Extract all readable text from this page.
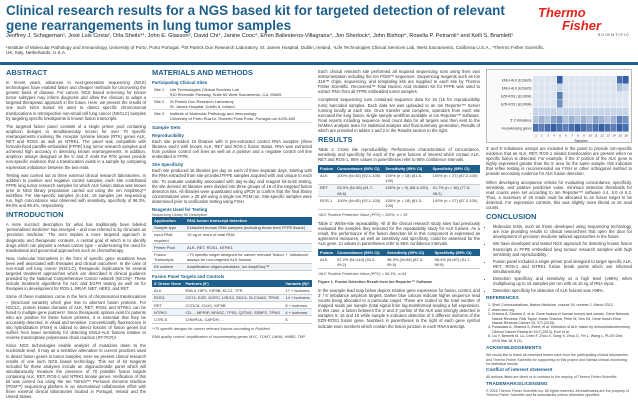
Clinical research results for a NGS based kit for targeted detection of relevant gene rearrangements in lung tumor samples
Jeoffrey J. Schageman¹, José Luis Costa², Orla Sheils³⁴, John E. Glasson⁵, David Chi⁴, Janine Cooc⁴, Efren Ballesteros-Villagrana⁴, Jon Sherlock⁴, John Bishop⁴, Rosella P. Petraroli⁴ and Kelli S. Bramlett¹
¹Institute of Molecular Pathology and Immunology, University of Porto, Porto Portugal, ²³St Patrick Dun Research Laboratory, St. James Hospital, Dublin, Ireland, ⁴Life Technologies Clinical Services Lab, West Sacramento, California U.S.A., ¹Thermo Fisher Scientific, UK, Italy, Netherlands, U.S.A.
Thermo
Fisher
SCIENTIFIC
ABSTRACT

In recent years, advances in next-generation sequencing (NGS) technologies have enabled faster and cheaper methods for uncovering the genetic basis of disease. For cancer, NGS based screening for known tumor subtypes may inform diagnosis and allow the clinician to adapt a targeted therapeutic approach in the future. Here, we present the results of one such NGS based kit used to detect specific chromosomal translocations in retrospective non-small cell lung cancer (NSCLC) samples by targeting specific breakpoints in known fusion transcripts.

The targeted fusion panel consists of a single primer pool containing amplicon designs to simultaneously screen for over 70 specific rearrangements involving the receptor tyrosine kinase (RTK) genes ALK, RET and ROS1 as well as NTRK1. The panel was compatible with formalin-fixed paraffin-embedded (FFPE) lung tumor research samples and achieved high accuracy in detecting known rearrangements. In addition, amplicon assays designed at the 5' and 3' ends the RTK genes provide non-specific evidence that a translocation exists in a sample by comparing expression imbalance between the two ends.

Testing was carried out at three external clinical research laboratories. In addition to positive and negative control samples, each site contributed FFPE lung tumor research samples for which ALK fusion status was known prior to NGS library preparation carried out using the Ion AmpliSeq™ workflow. For site-specific samples (n=144, 16 samples per sequencing run, high concordance was observed with sensitivity, specificity of 96.3%, 99.0% and 98.4%, respectively.

INTRODUCTION

A more succinct description for what has traditionally been labeled 'personalized medicine' has emerged – and now referred to by clinicians as 'precision medicine.' The term implies a more targeted approach in diagnostic and therapeutic contexts. A central goal of which is to identify drugs which can pinpoint a certain cancer type – underscoring the need for translational and genomical approaches such as chemotherapy.

Now, molecular biomarkers in the form of specific gene mutations have been well associated with therapies and clinical outcomes¹. In the case of non-small cell lung cancer (NSCLC), therapeutic implications for several targeted treatment approaches which are described in clinical guidance provided by the National Comprehensive Cancer network (NCCN)². These include treatment algorithms for ALK and EGFR testing as well as for therapies in development for ROS-1, BRAF, MET, HER2, and RET.

Some of these mutations come in the form of chromosomal translocations – (structural variants) which give rise to aberrant fusion proteins. For NSCLC, protein kinase domains of ALK, RET, ROS1 and NTRK1 can be fused to multiple gene partners³. Since therapeutic options exist for patients who are positive for these fusion proteins, it is essential that they be accurately detected, in visual and sensitive. Conventionally fluorescence in situ hybridization (FISH) is utilized to detect fusions of fusion genes but suffers from lower sensitivity for detecting EML4-ALK fusions relative to reverse transcriptase polymerase chain reaction (RT-PCR)⁴.

Since NGS technologies enable analysis of mutations down to the nucleotide level, it may as a sensitive alternative to current practices used to detect fusion genes in tumor samples. Here we present clinical research results of one such NGS based technology. This set of kit reagents included for these analyses include an oligonucleotide panel which will simultaneously measure the presence of 70 possible fusion targets containing ALK, RET, ROS-1 and NTRK1 kinase genes. Verification of this kit was carried out using the Ion Torrent™ Personal Genome Machine (PGM™) sequencing platform in an international collaborative effort with three external clinical laboratories located in Portugal, Ireland and the United States.

MATERIALS AND METHODS
Participating Clinical Sites
Site 1	Life Technologies Clinical Services Lab
910 Riverside Parkway, Suite 60 West Sacramento, CA, 95605
Site 2	St Patrick Dun Research Laboratory
St. James Hospital, Dublin 8, Ireland
Site 3	Institute of Molecular Pathology and Immunology
University of Porto Rua Dr. Roberto Frias Porto, Portugal um 4200-465
Sample Sets
Reproducibility

Each site provided 15 libraries with 5 pre-extracted control RNA samples (three libraries each) with known ALK, RET and ROS-1 fusion status. RNA was extracted from positive control cell lines as well as a positive and a negative control cell line embedded in FFPE.

Site Specificity

Each site produced 16 libraries per day on each of three separate days, starting with the RNA extracted from site-provided FFPE samples acquired with and unique to each site. To evaluate variability associated with day-to-day and reagent kit-to-kit testing, the site derived 48 libraries were divided into three groups of 16 of the targeted fusion detection kits. All libraries were quantitated using qPCR to confirm that the final library concentrations were ≥ 20 pM using a single Ion PGM run. Site-specific samples were determined prior to verification testing using FISH.

Reagents Used for Testing
Sequencing Library Kit Description
Application	RNA fusion transcript detection
Sample type	Extracted human RNA samples (including those from FFPE tissue)
Input RNA required	10 ng or more of total RNA
Primer Pool	ALK, RET, ROS1, NTRK1
Fusion Transcripts	>70 specific target designed for cancer relevant 'fusion' + 'imbalance' assays for non-targeted ALK fusions
Kit content	Amplification oligonucleotides, Ion AmpliSeq™
Fusion Panel Targets and Controls
3' Driver Gene	Partners (5')	Variants (N)*
ALK	EML4, HIP1, KIF5B, KLC1, TFR	17 + isoforms
ROS1	CD74, EZR, GOPC, LRIG3, SDC4, SLC34A2, TPM3	14 + isoforms
RET	CCDC6, CUX1, KIF5B	8 + isoforms
NTRK1	CD..., MPRIP, NFASC, TP53, Q2TM1, SSBP2, TPM3	4 + isoforms
CTRLS	CHMP2A, GAPDH, ...	5
**75 specific designs for cancer relevant fusions according to PubMed
RNA quality control: amplification of housekeeping genes MYC, TOMT, LMNA, HMBS, TBP

Each clinical research site performed all required sequencing runs using their own instrumentation including the Ion PGM™ sequencer. Sequencing reagents such as Ion 318™ chips, sequencing, and templating kits are supplied to each site by Thermo Fisher Scientific. Recovered™ Total Nucleic Acid Isolation Kit for FFPE was used to extract RNA from all FFPE embedded tumor samples.

Completed sequencing runs contained sequence data for 16 (15 for reproducibility runs) barcoded samples. Each data set was uploaded to an Ion Reporter™ Server running locally at each site. Once transfer was complete, operators from each site executed the lung fusion, single sample workflow available in Ion Reporter™ Software. Final reports including sequence read count data for all targets was then sent to the NAMSA analysis team for statistical analysis and final summary generation. Results of which are provided in tables 1 and 2 in the Results section to the right.

RESULTS

Table 1: Cross site reproducibility: Performance characteristics of concordance, sensitivity and specificity for each of the gene fusions of interest which contain ALK, RET and ROS-1. 95% values in parentheses refer to 95% confidence intervals.

Fusion	Concordance (95% CI)	Sensitivity (95% CI)	Specificity (95% CI)
ALK	100% (N=45) (92.1-100)	100% (n = 18) (81.5-100)	100% (n = 27) (87.2-100)
RET	93.3% (N=45) (81.7-98.6)	100% (n = 9) (66.4-100)	91.7% (n = 36) (77.5-98.2)
ROS-1	100% (N=45) (92.1-100)	100% (n = 18) (81.5-100)	100% (n = 27) (87.2-100)
*ALK Positive Predictive Value (PPV) = 100%, n = 18

Table 2: Within-site repeatability: All of the clinical research study sites had previously evaluated the samples they selected for the repeatability study for ALK fusions. As a result, the performance of the fusion detection kit in this component is expressed as agreement measures, as well as sensitivity and specificity, could be assessed for the ALK gene. CI values in parentheses refer to 95% confidence intervals.

Fusion	Concordance (95% CI)	Sensitivity (95% CI)	Specificity (95% CI)
ALK	97.2% (N=144) (93.0-99.2)	96.3% (N=54) (87.3-99.5)	98.4% (N=87) (91.7-99.9)
*ALK Positive Predictive Value (PPV) = 96.3%, n=54
Figure 1. Fusion Detection Result from Ion Reporter™ Software

In the example lead map below depicts relative gene expression for fusion, control, and 3' / 5' imbalance amplicon targets. Darker blue colours indicate higher sequence read counts being allocated to a particular target. These are scaled to the total number of mapped reads per sample (total signal from log-transformed reading a full expression. In this case, a fusion between the 3' and 3' portion of the ALK was strongly detected in samples 5, 15 and 16 while sample 5 indicates detection of 2 different isoforms of the EZR-ROS1 fusion gene. Numbers in parentheses to the right of each gene symbol indicate exon numbers which contain the fusion junction in each RNA transcript.

EML4-ALK (E13A20)
EML4-ALK (E20A20)
EZR-ROS1 (E10R34)
EZR-ROS1 (E10R34)
...
5' 3' imbalance
Housekeeping genes
1 2 3 4 5 6 7 8 9 10 11 12 13 14 15 16
Samples

3' and 5' imbalance assays are included in the panel to provide non-specific evidence that an ALK, RET, ROS-1 related translocation are present when no specific fusion is detected. For example, if the 3' portion of the ALK gene is highly expressed greater than the 5' area for the same sample, this indicates that reflex testing is recommended via FISH or other orthogonal method to provide secondary evidence for ALK fusion detection.

When developing acceptance criteria for evaluating concordance, specificity, sensitivity, and positive predictive value, minimum detection thresholds for read counts were set according to Ion Reporter™ software 4.4, 5.0 or 5.2. Thus, a maximum of 20 reads must be allocated to an fusion target to be detected. For expression controls, this was slightly more liberal at 15 read counts.

CONCLUSION
• Molecular tests, such as those developed using sequencing technology, are now providing results to clinical researchers that open the door for development of precision medicine tailored approaches in the future.
• We have developed and tested NGS approach for detecting known fusion transcripts in FFPE embedded lung tumour research samples with high sensitivity and reproducibility.
• Fusion panel included a single primer pool designed to target specific ALK, RET, ROS-1 and NTRK1 fusion break points which are informed simultaneously.
• Detection specificity and sensitivity at a high level (≥95%) when multiplexing up to 16 samples per run with as 10 ng of RNA input.
• Detection specificity for detection of ALK fusions was >98%.
REFERENCES
1. Shell Communications, Nature Medicine, volume 16, number 2, March 2013.
2. www.nccn.org
3. Krishna A, Sharma S, et al. Gene fusions in human tumors and cancer; Gene Network, Nature Reviews, Rick Taylor, Karan Sharma, Peter M, Sen Gil, Gene fusion Elmo, Nature Reviews Cancer 15, 371 (2015).
4. Fukasawa A, Sharma S, Ebert, et al. Detection of ALK fusion by immunohistochemistry, Clinical Cancer Research 16:3 (2013), Ecel et al.
5. Liu Y, Bennett M, Lu, Chen F, Zhou X, Song X, Zhou G, Fei L, Wang L, PLOS One, 2015 Mar 18; 5 (3).
ACKNOWLEDGEMENTS
We would like to thank all extended teams each from the participating clinical laboratories and Thermo Fisher Scientific for supporting on this project and Namsa clinical monitoring for statistical results.
Conflict of interest statement
All authors listed are direct or in contract to the employ of Thermo Fisher Scientific.
TRADEMARKS/LICENSING
© 2016 Thermo Fisher Scientific Inc. All rights reserved. All trademarks are the property of Thermo Fisher Scientific and its subsidiaries unless otherwise specified.
